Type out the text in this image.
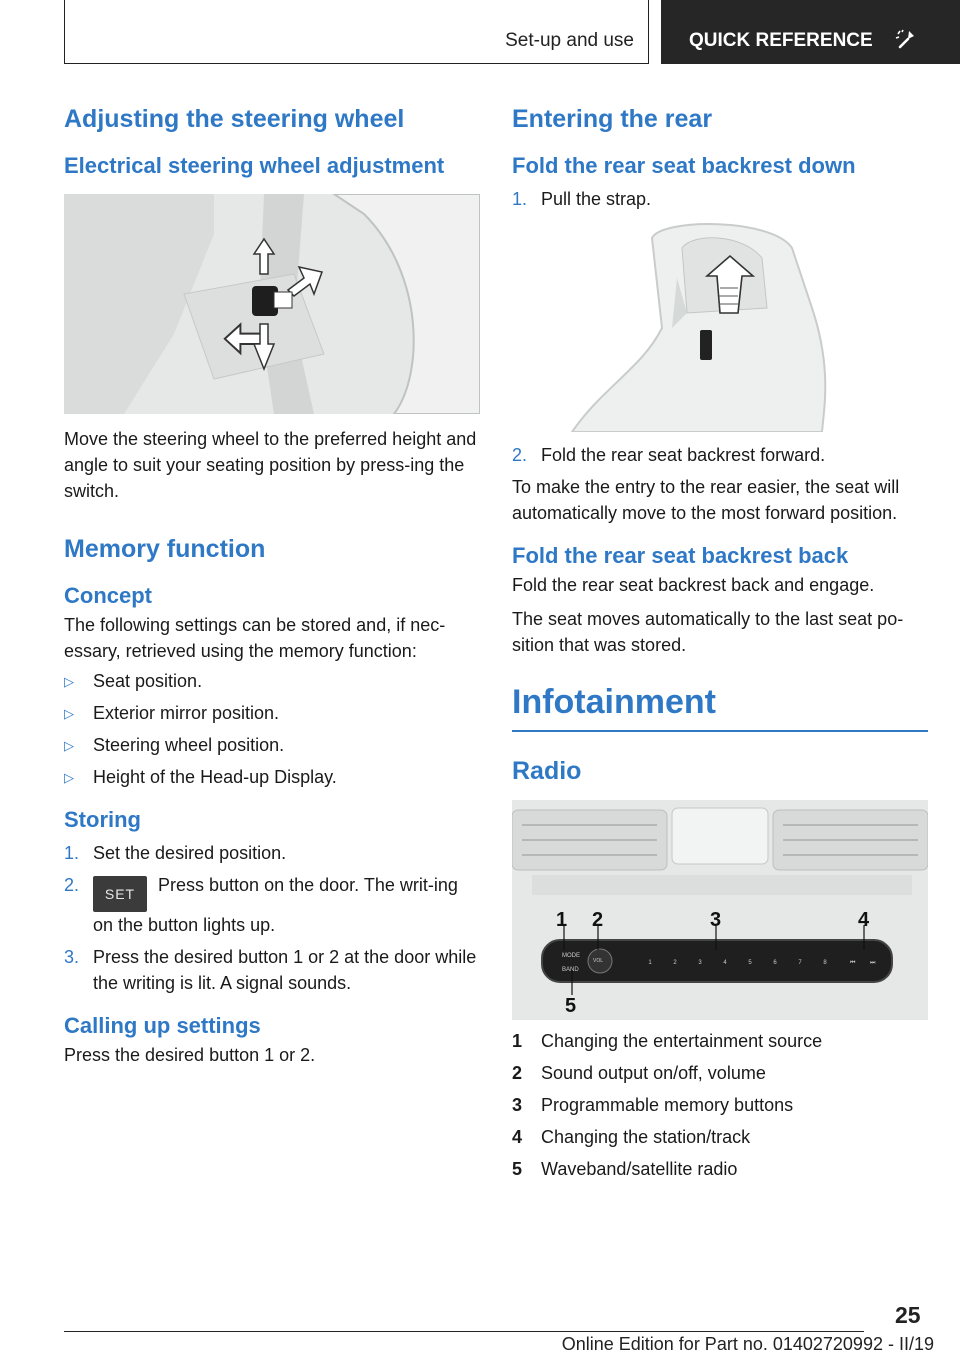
Set-up and use	QUICK REFERENCE
Adjusting the steering wheel
Electrical steering wheel adjustment

Move the steering wheel to the preferred height and angle to suit your seating position by press-ing the switch.

Memory function
Concept

The following settings can be stored and, if nec-essary, retrieved using the memory function:

▷ Seat position.
▷ Exterior mirror position.
▷ Steering wheel position.
▷ Height of the Head-up Display.
Storing
1. Set the desired position.
2. SET Press button on the door. The writ-ing on the button lights up.
3. Press the desired button 1 or 2 at the door while the writing is lit. A signal sounds.
Calling up settings

Press the desired button 1 or 2.

Entering the rear
Fold the rear seat backrest down
1. Pull the strap.
2. Fold the rear seat backrest forward.

To make the entry to the rear easier, the seat will automatically move to the most forward position.

Fold the rear seat backrest back

Fold the rear seat backrest back and engage.

The seat moves automatically to the last seat po-sition that was stored.

Infotainment
Radio
MODE
BAND
VOL	1	2	3	4	5	6	7	8	⏮ ⏭
1 2	3	4
5
1	Changing the entertainment source
2	Sound output on/off, volume
3	Programmable memory buttons
4	Changing the station/track
5	Waveband/satellite radio
25
Online Edition for Part no. 01402720992 - II/19
